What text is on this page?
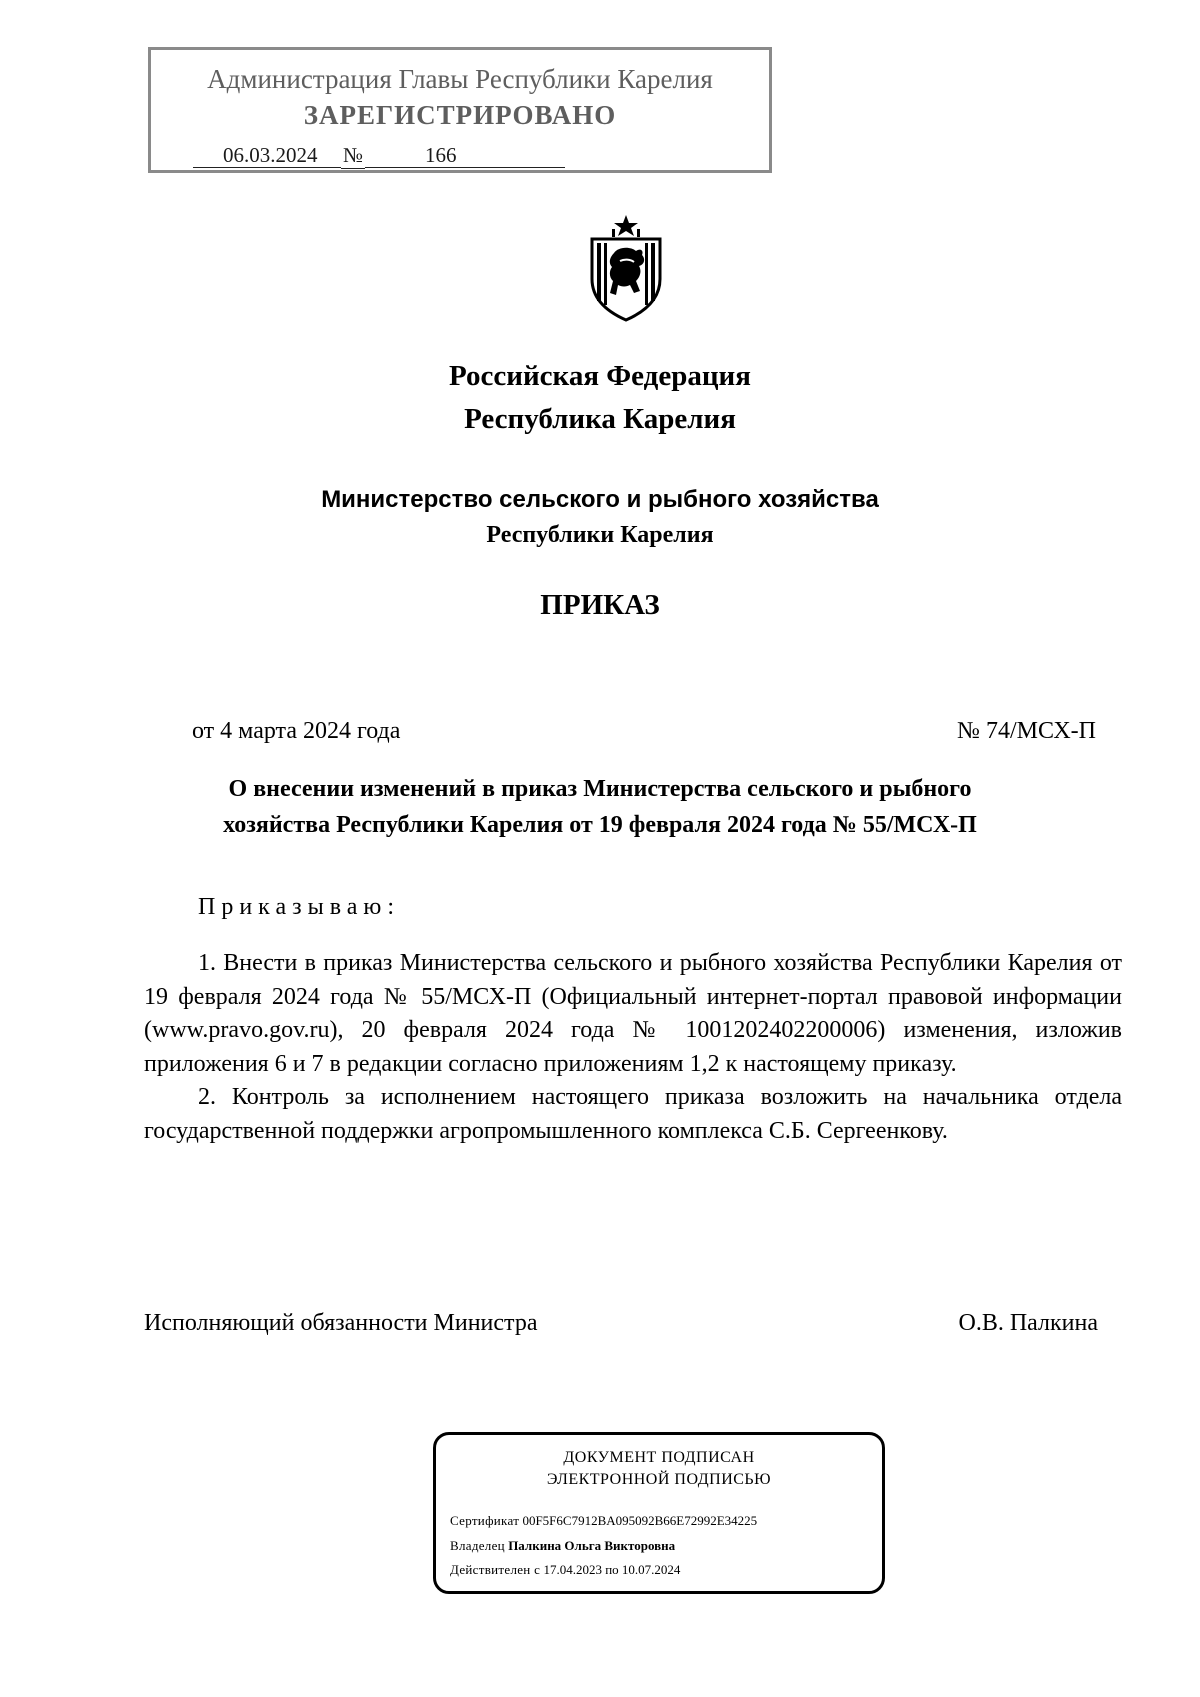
Администрация Главы Республики Карелия
ЗАРЕГИСТРИРОВАНО
06.03.2024	№	166
Российская Федерация
Республика Карелия
Министерство сельского и рыбного хозяйства
Республики Карелия
ПРИКАЗ
от 4 марта 2024 года	№ 74/МСХ-П
О внесении изменений в приказ Министерства сельского и рыбного
хозяйства Республики Карелия от 19 февраля 2024 года № 55/МСХ-П
Приказываю:

1. Внести в приказ Министерства сельского и рыбного хозяйства Республики Карелия от 19 февраля 2024 года № 55/МСХ-П (Официальный интернет-портал правовой информации (www.pravo.gov.ru), 20 февраля 2024 года № 1001202402200006) изменения, изложив приложения 6 и 7 в редакции согласно приложениям 1,2 к настоящему приказу.

2. Контроль за исполнением настоящего приказа возложить на начальника отдела государственной поддержки агропромышленного комплекса С.Б. Сергеенкову.

Исполняющий обязанности Министра	О.В. Палкина
ДОКУМЕНТ ПОДПИСАН
ЭЛЕКТРОННОЙ ПОДПИСЬЮ
Сертификат 00F5F6C7912BA095092B66E72992E34225
Владелец Палкина Ольга Викторовна
Действителен с 17.04.2023 по 10.07.2024
